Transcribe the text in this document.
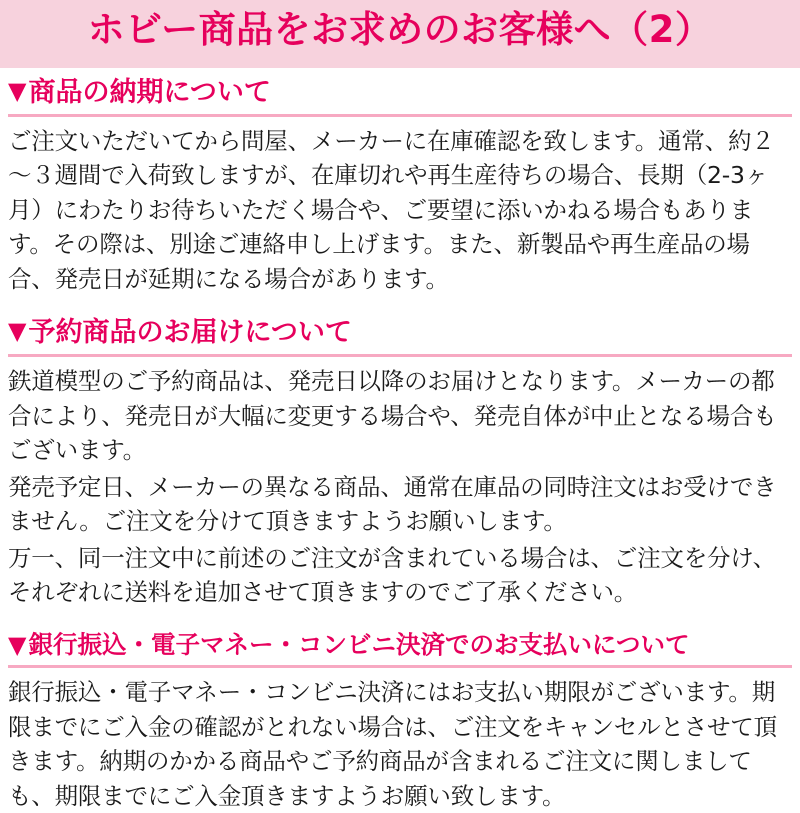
ホビー商品をお求めのお客様へ（2）
▼ 商品の納期について

ご注文いただいてから問屋、メーカーに在庫確認を致します。通常、約２～３週間で入荷致しますが、在庫切れや再生産待ちの場合、長期（2-3ヶ月）にわたりお待ちいただく場合や、ご要望に添いかねる場合もあります。その際は、別途ご連絡申し上げます。また、新製品や再生産品の場合、発売日が延期になる場合があります。

▼ 予約商品のお届けについて

鉄道模型のご予約商品は、発売日以降のお届けとなります。メーカーの都合により、発売日が大幅に変更する場合や、発売自体が中止となる場合もございます。

発売予定日、メーカーの異なる商品、通常在庫品の同時注文はお受けできません。ご注文を分けて頂きますようお願いします。

万一、同一注文中に前述のご注文が含まれている場合は、ご注文を分け、それぞれに送料を追加させて頂きますのでご了承ください。

▼ 銀行振込・電子マネー・コンビニ決済でのお支払いについて

銀行振込・電子マネー・コンビニ決済にはお支払い期限がございます。期限までにご入金の確認がとれない場合は、ご注文をキャンセルとさせて頂きます。納期のかかる商品やご予約商品が含まれるご注文に関しましても、期限までにご入金頂きますようお願い致します。
